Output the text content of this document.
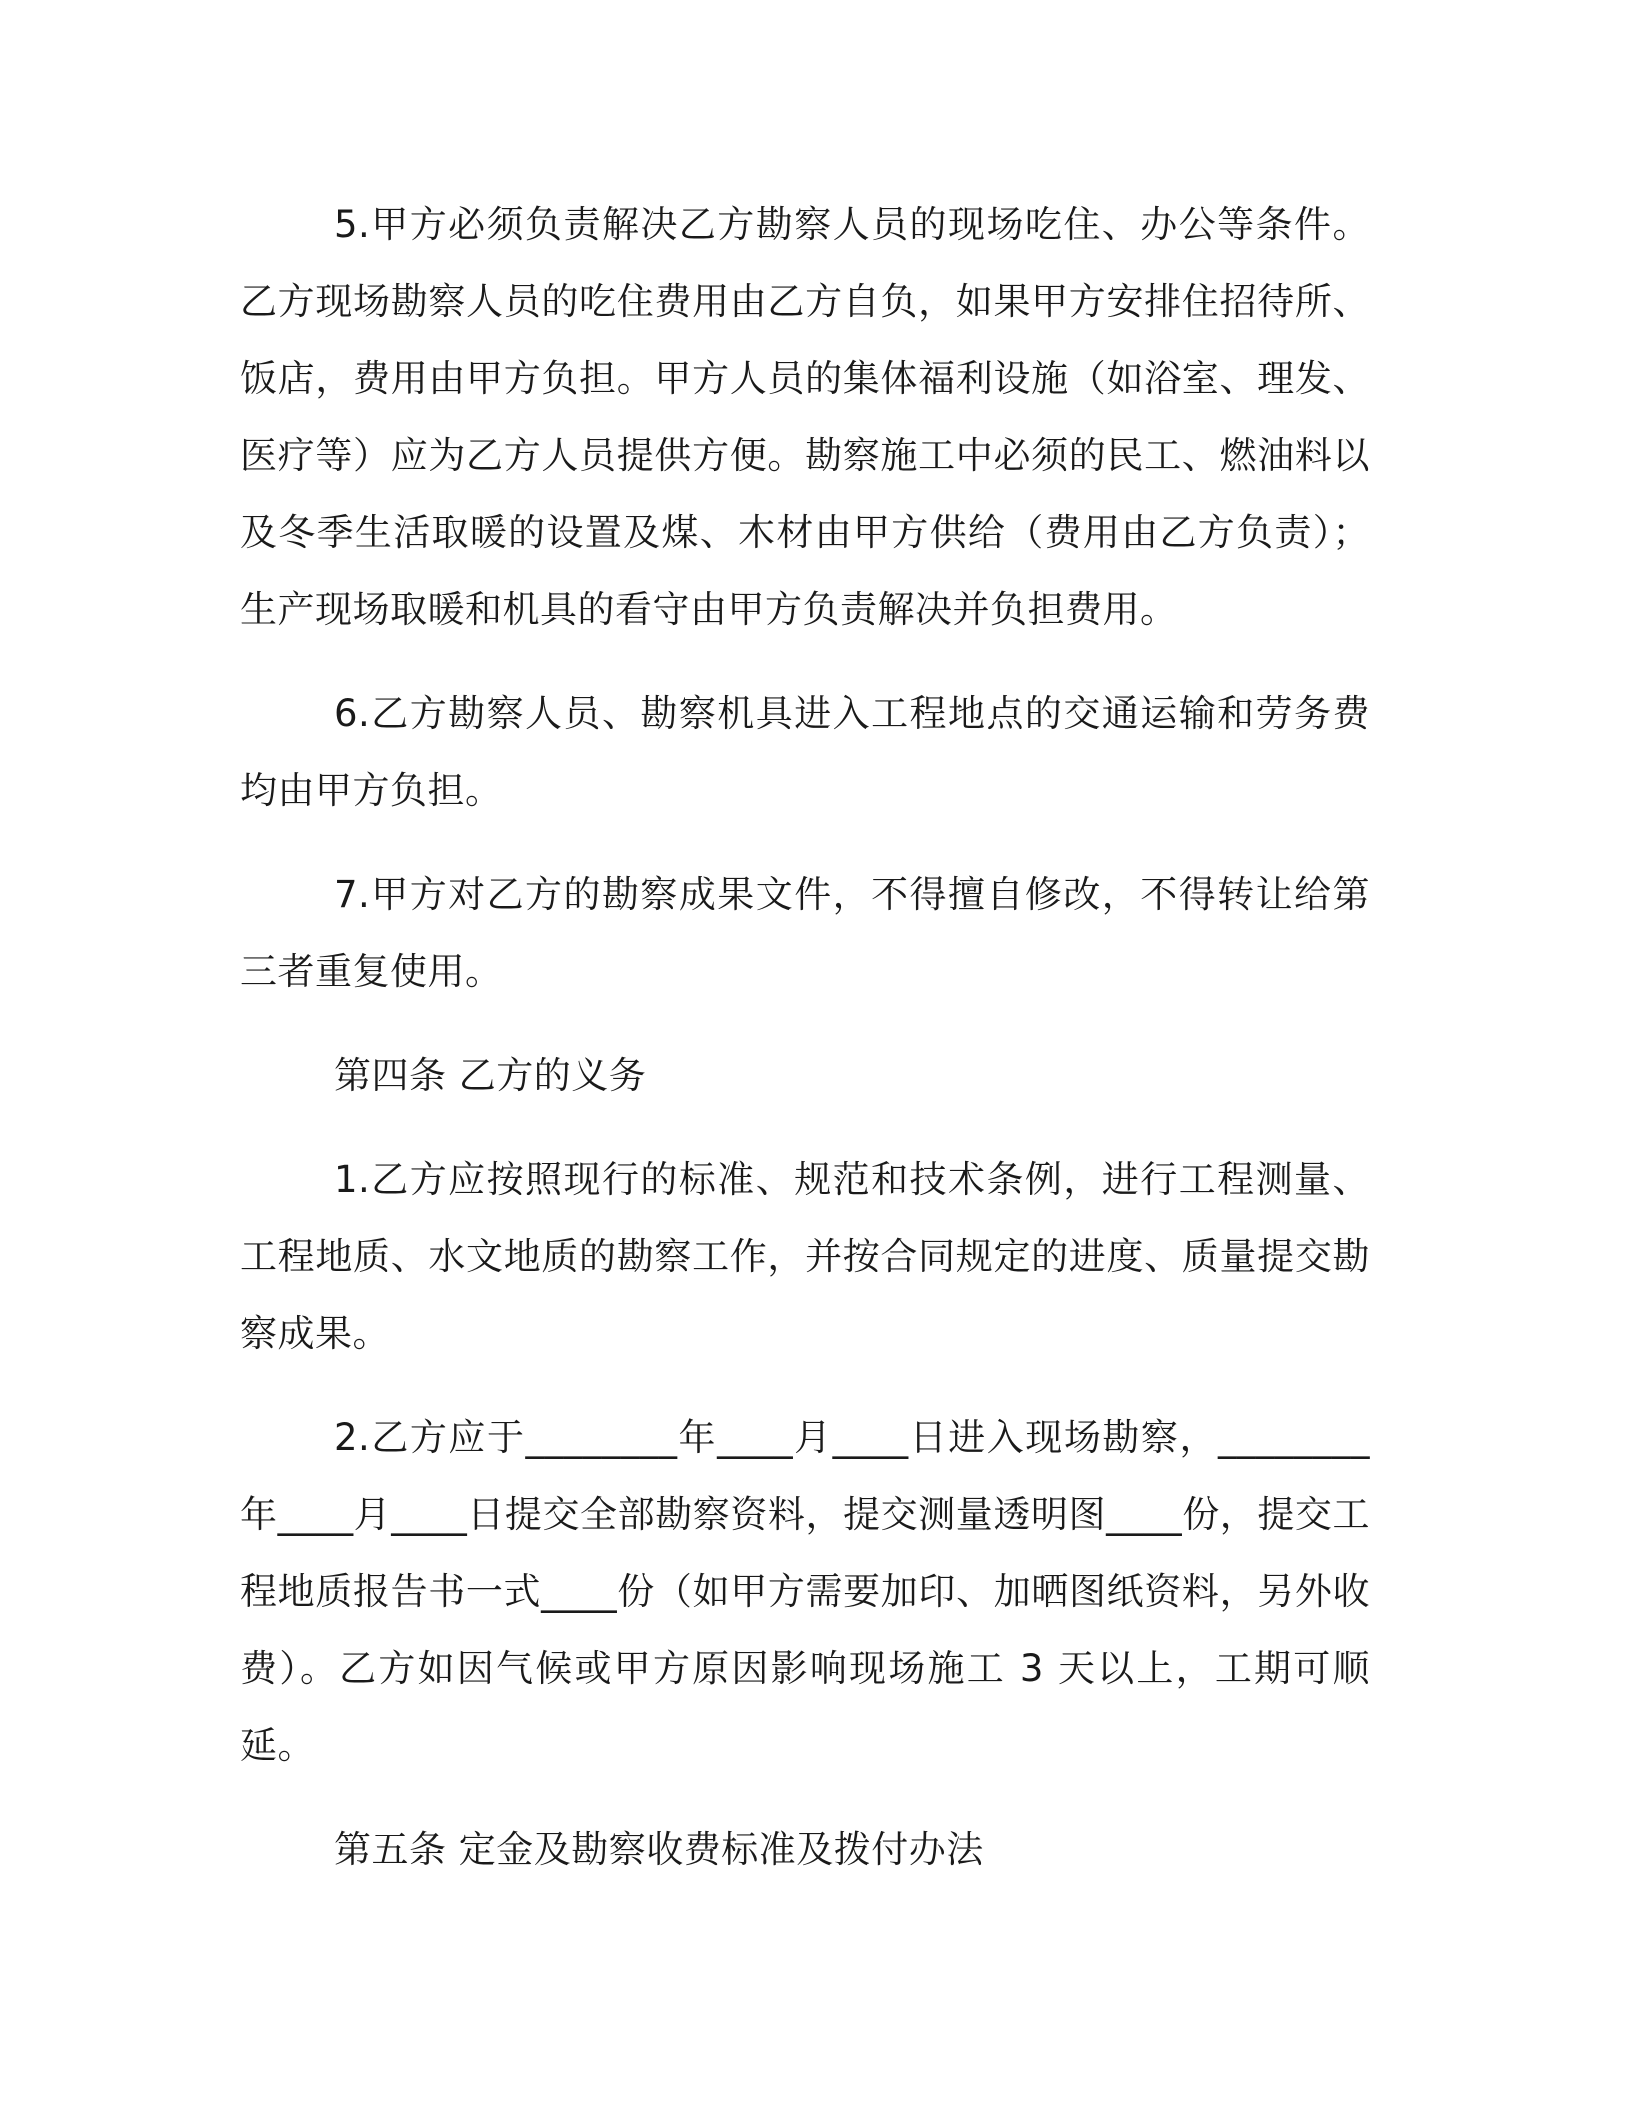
5.甲方必须负责解决乙方勘察人员的现场吃住、办公等条件。乙方现场勘察人员的吃住费用由乙方自负，如果甲方安排住招待所、饭店，费用由甲方负担。甲方人员的集体福利设施（如浴室、理发、医疗等）应为乙方人员提供方便。勘察施工中必须的民工、燃油料以及冬季生活取暖的设置及煤、木材由甲方供给（费用由乙方负责）；生产现场取暖和机具的看守由甲方负责解决并负担费用。

6.乙方勘察人员、勘察机具进入工程地点的交通运输和劳务费均由甲方负担。

7.甲方对乙方的勘察成果文件，不得擅自修改，不得转让给第三者重复使用。

第四条 乙方的义务

1.乙方应按照现行的标准、规范和技术条例，进行工程测量、工程地质、水文地质的勘察工作，并按合同规定的进度、质量提交勘察成果。

2.乙方应于________年____月____日进入现场勘察，________年____月____日提交全部勘察资料，提交测量透明图____份，提交工程地质报告书一式____份（如甲方需要加印、加晒图纸资料，另外收费）。乙方如因气候或甲方原因影响现场施工 3 天以上，工期可顺延。

第五条 定金及勘察收费标准及拨付办法
